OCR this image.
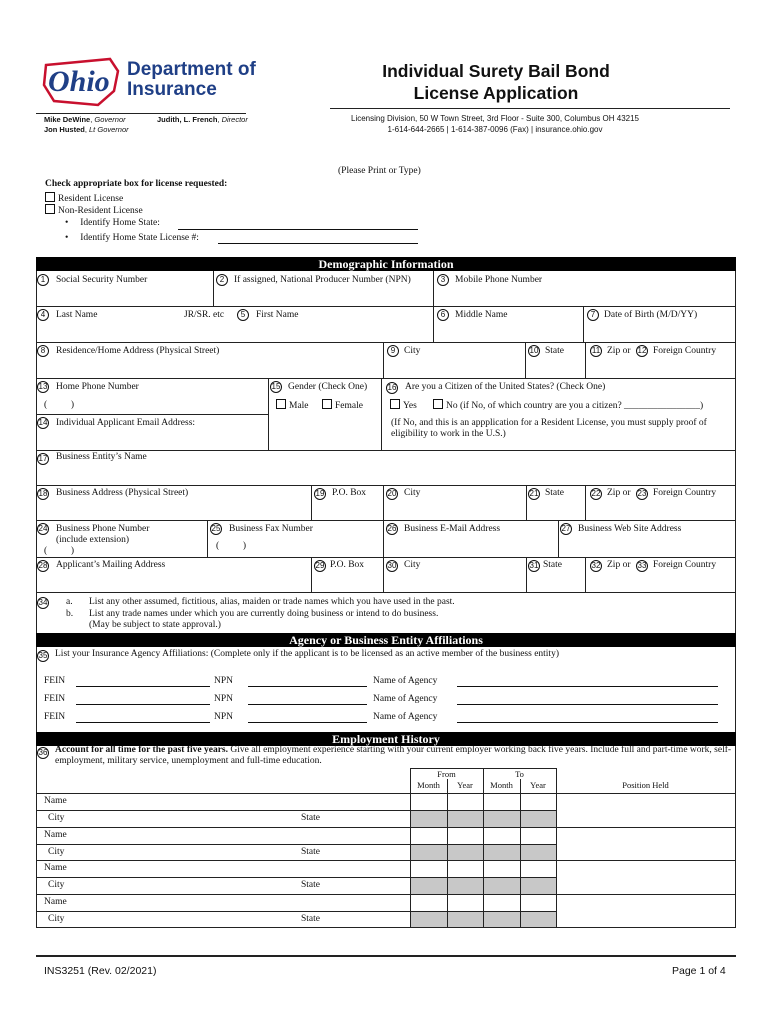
Ohio Department of
Insurance
Mike DeWine, Governor
Jon Husted, Lt Governor
Judith, L. French, Director
Individual Surety Bail Bond
License Application
Licensing Division, 50 W Town Street, 3rd Floor - Suite 300, Columbus OH 43215
1-614-644-2665 | 1-614-387-0096 (Fax) | insurance.ohio.gov
(Please Print or Type)
Check appropriate box for license requested:
Resident License
Non-Resident License
•     Identify Home State:
•     Identify Home State License #:
Demographic Information
1	Social Security Number	2	If assigned, National Producer Number (NPN)	3	Mobile Phone Number
4	Last Name	JR/SR. etc	5	First Name	6	Middle Name	7 Date of Birth (M/D/YY)
8	Residence/Home Address (Physical Street)	9 City	10 State	11 Zip or 12 Foreign Country
13 Home Phone Number
(          )
14 Individual Applicant Email Address:
15 Gender (Check One)
Male	Female
16 Are you a Citizen of the United States? (Check One)
Yes	No (if No, of which country are you a citizen? ________________)
(If No, and this is an appplication for a Resident License, you must supply proof of eligibility to work in the U.S.)
17 Business Entity’s Name
18 Business Address (Physical Street)	19 P.O. Box	20 City	21 State	22 Zip or 23 Foreign Country
24 Business Phone Number
(include extension)
(          )
25 Business Fax Number
(          )
26 Business E-Mail Address	27 Business Web Site Address
28 Applicant’s Mailing Address	29 P.O. Box	30 City	31 State	32 Zip or 33 Foreign Country
34 a. List any other assumed, fictitious, alias, maiden or trade names which you have used in the past.
b. List any trade names under which you are currently doing business or intend to do business.
(May be subject to state approval.)
Agency or Business Entity Affiliations
35 List your Insurance Agency Affiliations: (Complete only if the applicant is to be licensed as an active member of the business entity)
FEIN	NPN	Name of Agency
FEIN	NPN	Name of Agency
FEIN	NPN	Name of Agency
Employment History
36 Account for all time for the past five years. Give all employment experience starting with your current employer working back five years. Include full and part-time work, self-employment, military service, unemployment and full-time education.
From	To
Month	Year	Month	Year	Position Held
Name
City	State
Name
City	State
Name
City	State
Name
City	State
INS3251 (Rev. 02/2021)	Page 1 of 4
